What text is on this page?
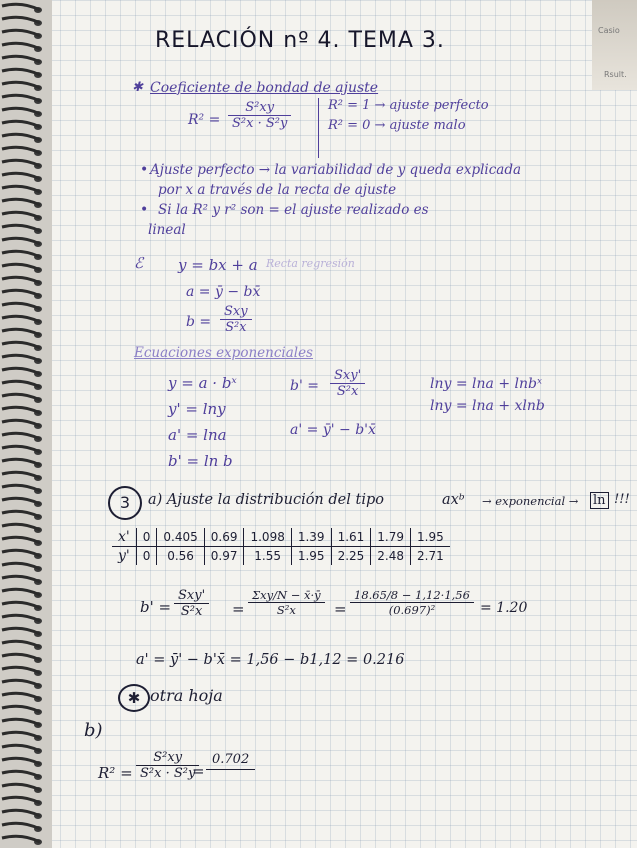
Casio
Rsult.
RELACIÓN nº 4. TEMA 3.
✱ Coeficiente de bondad de ajuste
$R^2 = \frac{\text{S²xy}}{\text{S²x · S²y}}$	R² = 1 → ajuste perfecto
R² = 0 → ajuste malo
• Ajuste perfecto → la variabilidad de y queda explicada
por x a través de la recta de ajuste
• Si la R² y r² son = el ajuste realizado es
lineal
ℰ y = bx + a Recta regresión
a = ȳ − bx̄
b =
Sxy
S²x
Ecuaciones exponenciales
y = a · bˣ
y' = lny
a' = lna
b' = ln b
b' =
Sxy'
S²x
a' = ȳ' − b'x̄
lny = lna + lnbˣ
lny = lna + xlnb
3	a) Ajuste la distribución del tipo	axᵇ → exponencial → ln !!!
x'	0	0.405	0.69	1.098	1.39	1.61	1.79	1.95
y'	0	0.56	0.97	1.55	1.95	2.25	2.48	2.71
b' =
Sxy'
S²x	=
Σxy/N − x̄·ȳ
S²x	= $\frac{18.65/8 - 1,12\cdot 1,56}{\text{(0.697)²}} = 1.20$
a' = ȳ' − b'x̄ = 1,56 − b1,12 = 0.216
✱ otra hoja
b)
$R^2 = \frac{\text{S²xy}}{\text{S²x · S²y}}$
=
0.702
